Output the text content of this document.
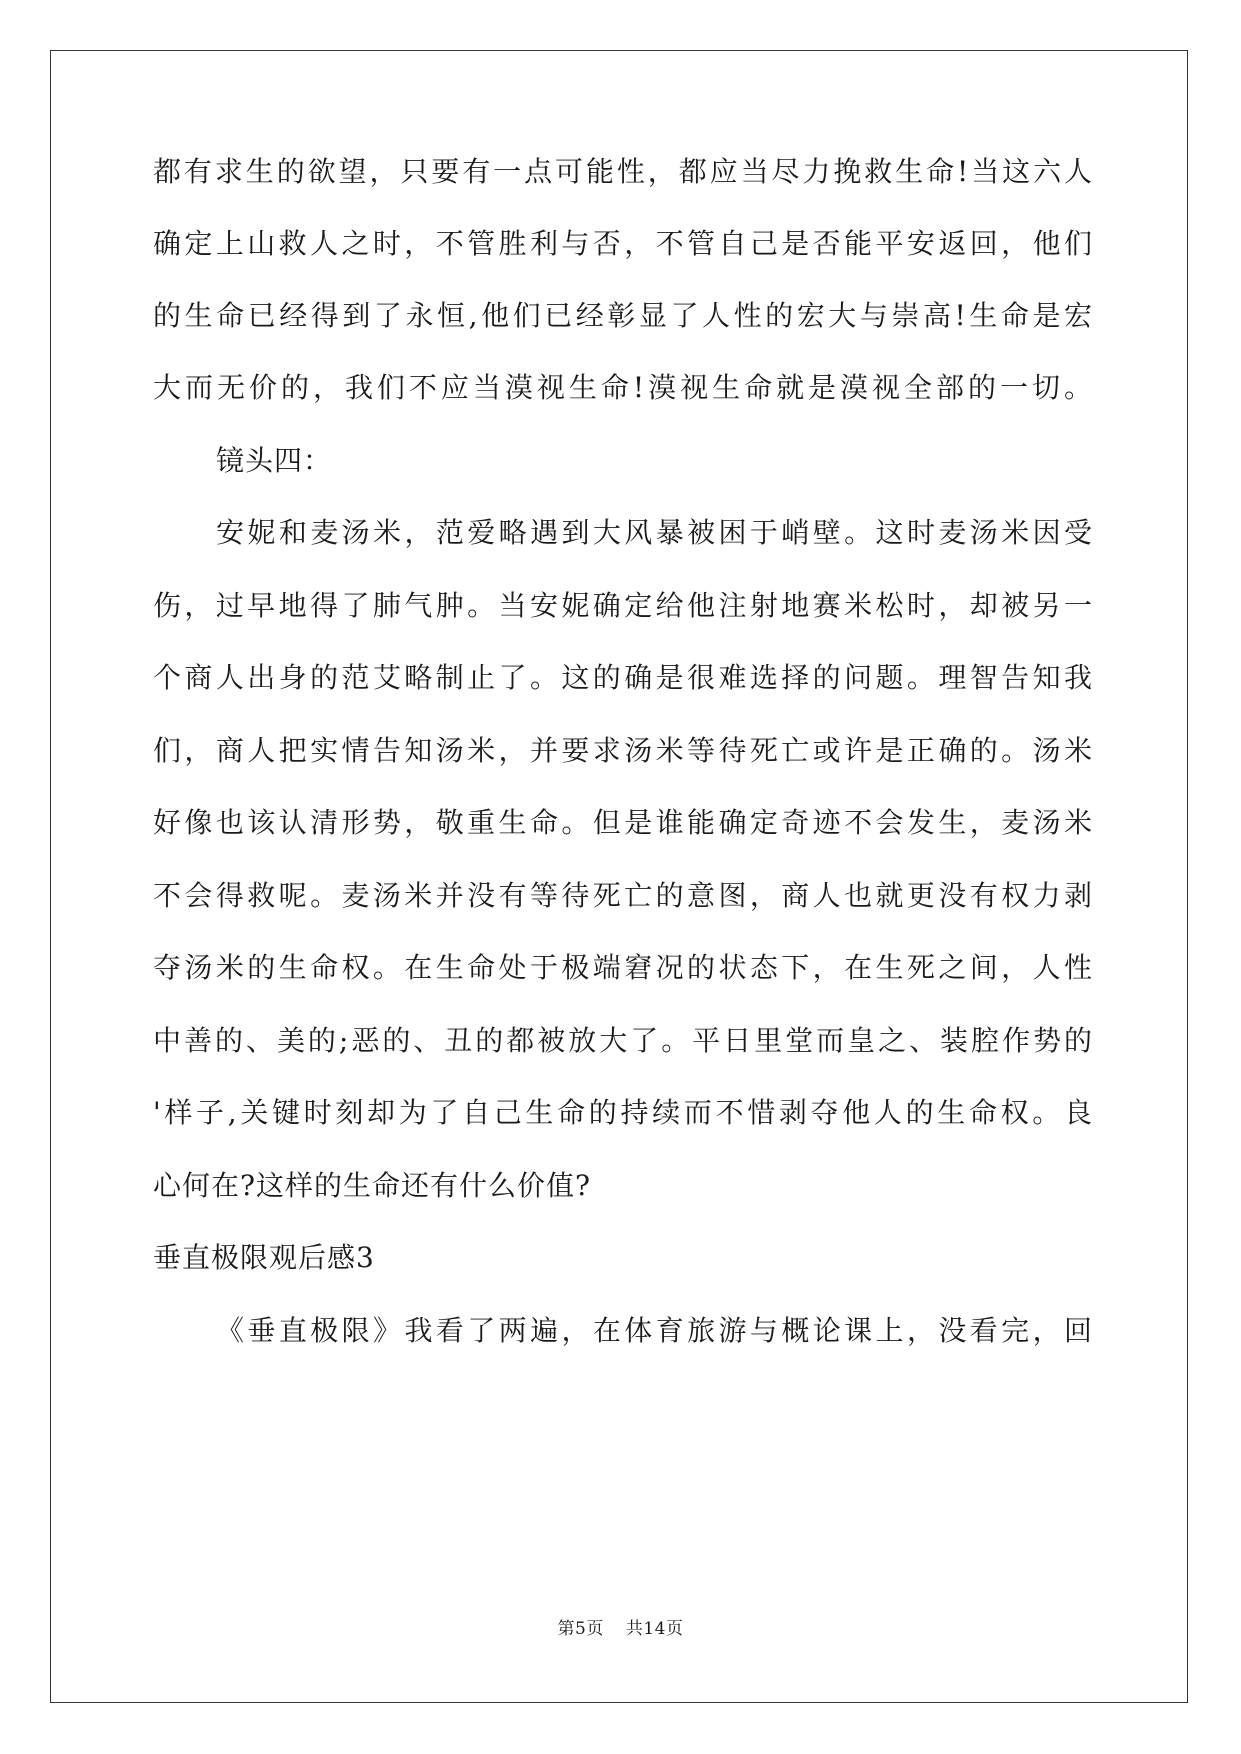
都有求生的欲望，只要有一点可能性，都应当尽力挽救生命!当这六人
确定上山救人之时，不管胜利与否，不管自己是否能平安返回，他们
的生命已经得到了永恒,他们已经彰显了人性的宏大与崇高!生命是宏
大而无价的，我们不应当漠视生命!漠视生命就是漠视全部的一切。
镜头四：
安妮和麦汤米，范爱略遇到大风暴被困于峭壁。这时麦汤米因受
伤，过早地得了肺气肿。当安妮确定给他注射地赛米松时，却被另一
个商人出身的范艾略制止了。这的确是很难选择的问题。理智告知我
们，商人把实情告知汤米，并要求汤米等待死亡或许是正确的。汤米
好像也该认清形势，敬重生命。但是谁能确定奇迹不会发生，麦汤米
不会得救呢。麦汤米并没有等待死亡的意图，商人也就更没有权力剥
夺汤米的生命权。在生命处于极端窘况的状态下，在生死之间，人性
中善的、美的;恶的、丑的都被放大了。平日里堂而皇之、装腔作势的
'样子,关键时刻却为了自己生命的持续而不惜剥夺他人的生命权。良
心何在?这样的生命还有什么价值?
垂直极限观后感3
《垂直极限》我看了两遍，在体育旅游与概论课上，没看完，回
第5页 共14页
